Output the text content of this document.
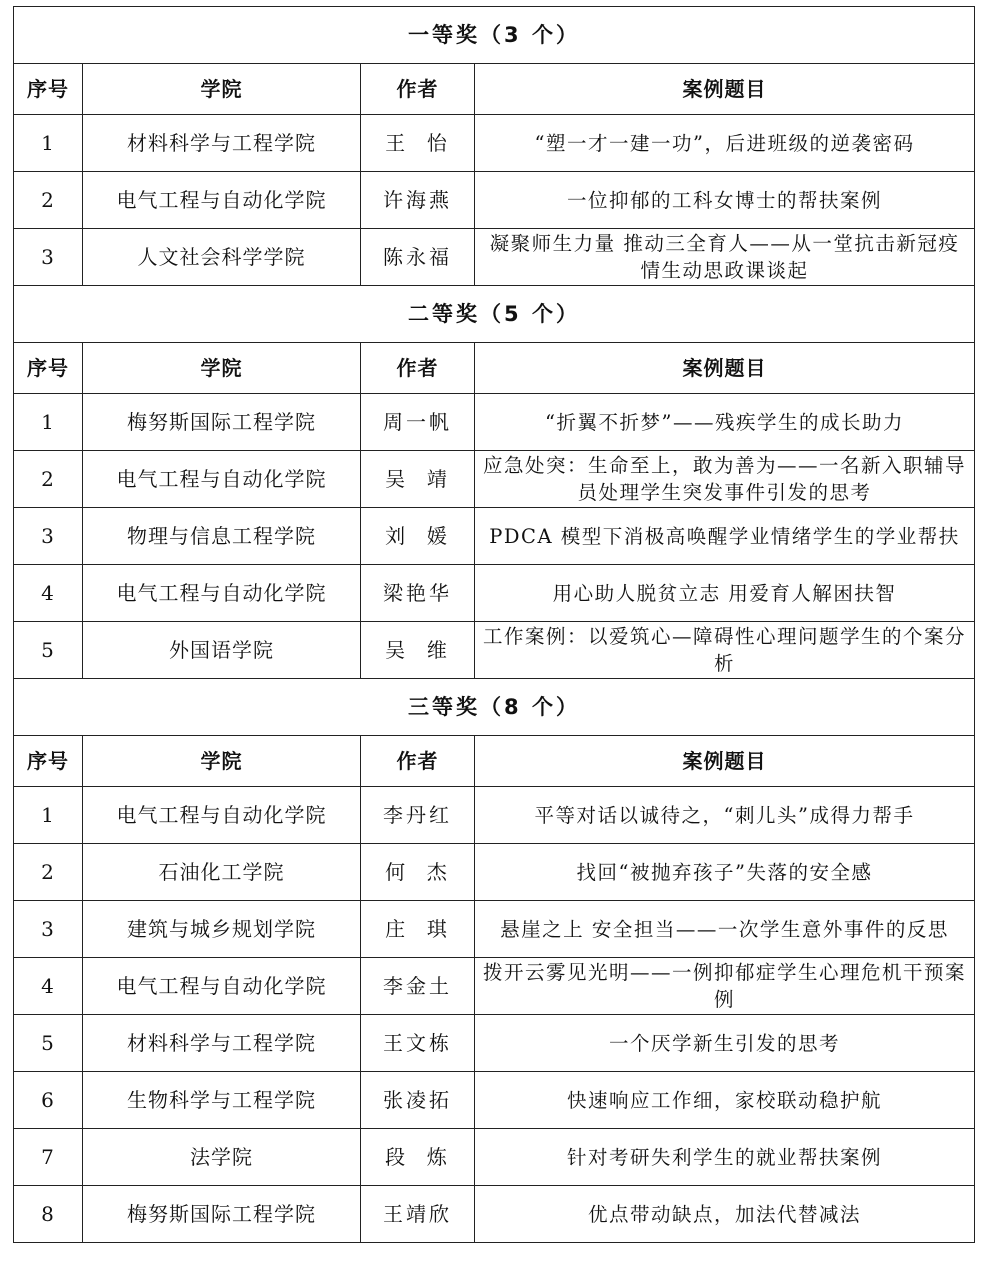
一等奖（3 个）			
序号	学院	作者	案例题目
1	材料科学与工程学院	王  怡	“塑一才一建一功”，后进班级的逆袭密码
2	电气工程与自动化学院	许海燕	一位抑郁的工科女博士的帮扶案例
3	人文社会科学学院	陈永福	凝聚师生力量 推动三全育人——从一堂抗击新冠疫情生动思政课谈起
二等奖（5 个）			
序号	学院	作者	案例题目
1	梅努斯国际工程学院	周一帆	“折翼不折梦”——残疾学生的成长助力
2	电气工程与自动化学院	吴  靖	应急处突：生命至上，敢为善为——一名新入职辅导员处理学生突发事件引发的思考
3	物理与信息工程学院	刘  媛	PDCA 模型下消极高唤醒学业情绪学生的学业帮扶
4	电气工程与自动化学院	梁艳华	用心助人脱贫立志 用爱育人解困扶智
5	外国语学院	吴  维	工作案例：以爱筑心—障碍性心理问题学生的个案分析
三等奖（8 个）			
序号	学院	作者	案例题目
1	电气工程与自动化学院	李丹红	平等对话以诚待之，“刺儿头”成得力帮手
2	石油化工学院	何  杰	找回“被抛弃孩子”失落的安全感
3	建筑与城乡规划学院	庄  琪	悬崖之上 安全担当——一次学生意外事件的反思
4	电气工程与自动化学院	李金土	拨开云雾见光明——一例抑郁症学生心理危机干预案例
5	材料科学与工程学院	王文栋	一个厌学新生引发的思考
6	生物科学与工程学院	张凌拓	快速响应工作细，家校联动稳护航
7	法学院	段  炼	针对考研失利学生的就业帮扶案例
8	梅努斯国际工程学院	王靖欣	优点带动缺点，加法代替减法
